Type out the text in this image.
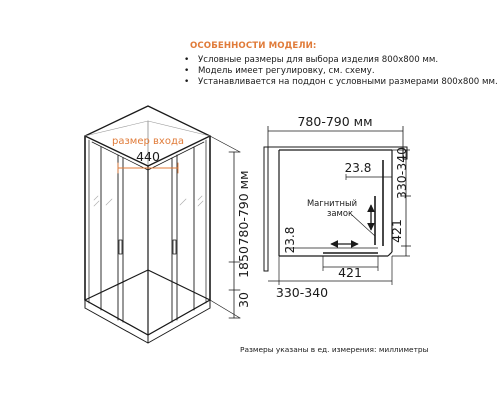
ОСОБЕННОСТИ МОДЕЛИ:
• Условные размеры для выбора изделия 800х800 мм.
• Модель имеет регулировку, см. схему.
• Устанавливается на поддон с условными размерами 800х800 мм.
размер входа
440
780-790 мм
1850
30
780-790 мм
23.8 330-340
Магнитный
замок
23.8	421
421
330-340
Размеры указаны в ед. измерения: миллиметры
